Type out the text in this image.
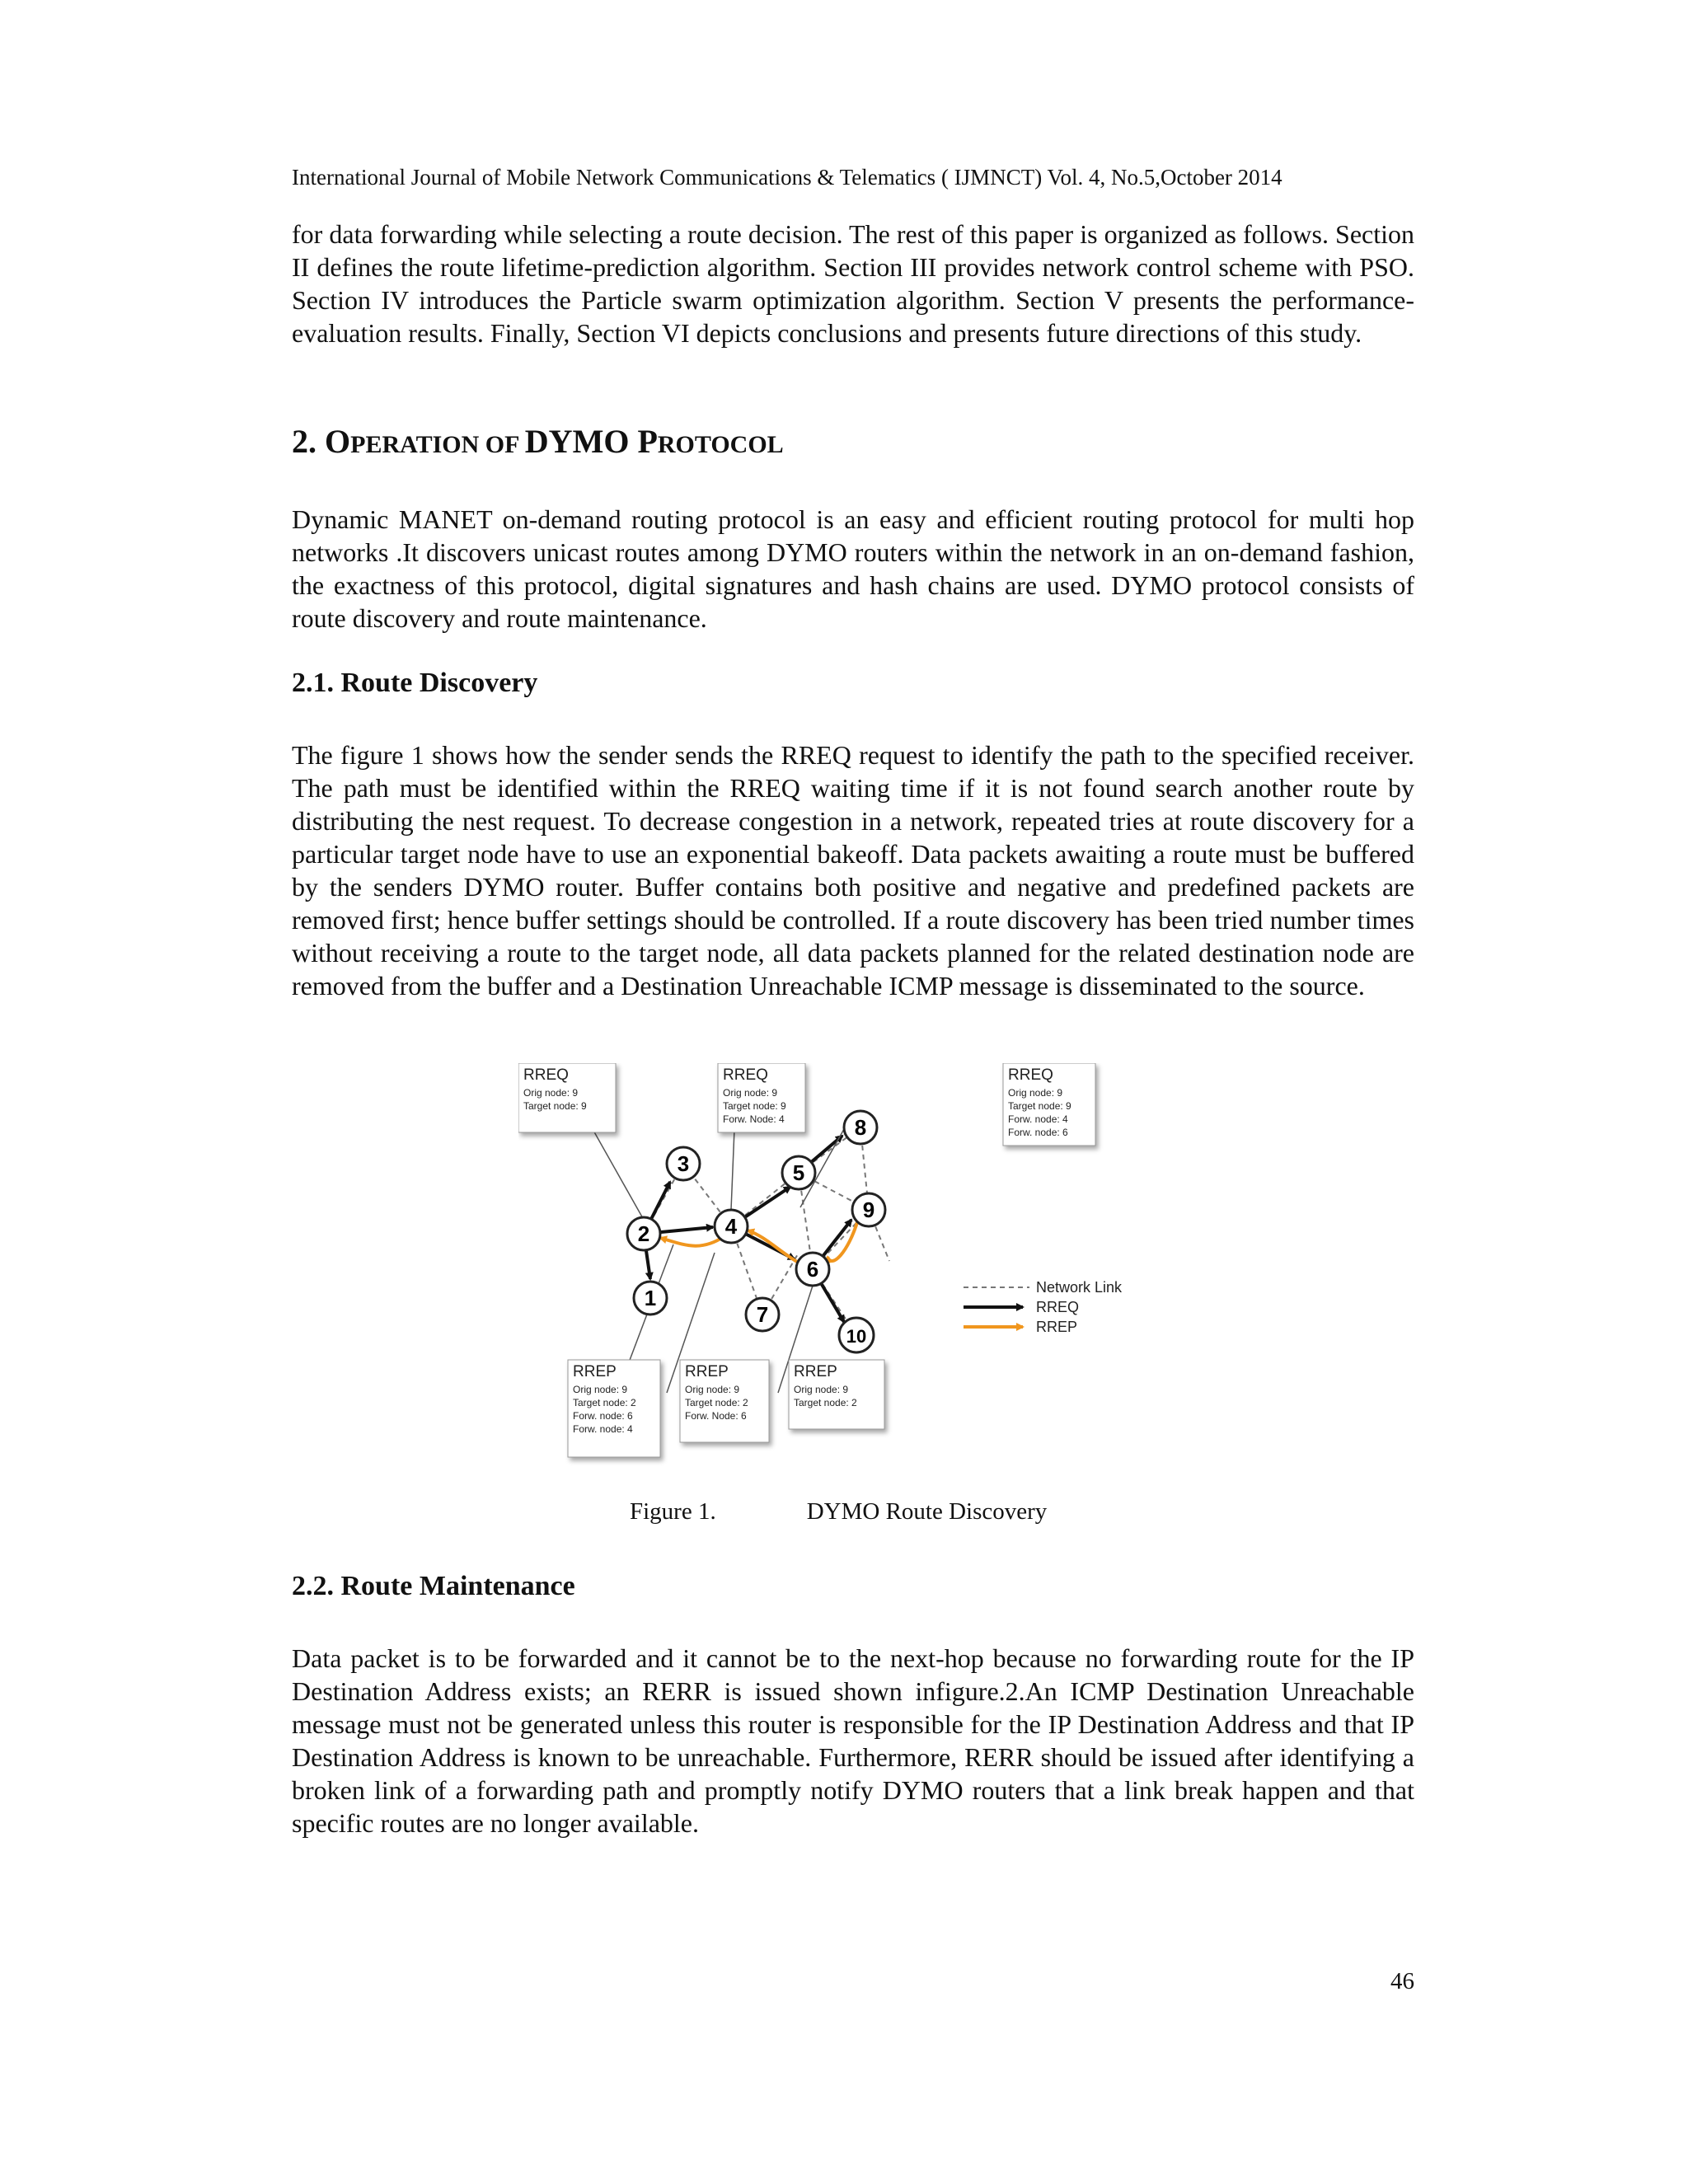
International Journal of Mobile Network Communications & Telematics ( IJMNCT) Vol. 4, No.5,October 2014

for data forwarding while selecting a route decision. The rest of this paper is organized as follows. Section II defines the route lifetime-prediction algorithm. Section III provides network control scheme with PSO. Section IV introduces the Particle swarm optimization algorithm. Section V presents the performance-evaluation results. Finally, Section VI depicts conclusions and presents future directions of this study.

2. OPERATION OF DYMO PROTOCOL

Dynamic MANET on-demand routing protocol is an easy and efficient routing protocol for multi hop networks .It discovers unicast routes among DYMO routers within the network in an on-demand fashion, the exactness of this protocol, digital signatures and hash chains are used. DYMO protocol consists of route discovery and route maintenance.

2.1. Route Discovery

The figure 1 shows how the sender sends the RREQ request to identify the path to the specified receiver. The path must be identified within the RREQ waiting time if it is not found search another route by distributing the nest request. To decrease congestion in a network, repeated tries at route discovery for a particular target node have to use an exponential bakeoff. Data packets awaiting a route must be buffered by the senders DYMO router. Buffer contains both positive and negative and predefined packets are removed first; hence buffer settings should be controlled. If a route discovery has been tried number times without receiving a route to the target node, all data packets planned for the related destination node are removed from the buffer and a Destination Unreachable ICMP message is disseminated to the source.

1
2
3
4
5
6
7
8
9
10
RREQ
Orig node: 9
Target node: 9
RREQ
Orig node: 9
Target node: 9
Forw. Node: 4
RREQ
Orig node: 9
Target node: 9
Forw. node: 4
Forw. node: 6
RREP
Orig node: 9
Target node: 2
Forw. node: 6
Forw. node: 4
RREP
Orig node: 9
Target node: 2
Forw. Node: 6
RREP
Orig node: 9
Target node: 2
Network Link
RREQ
RREP
Figure 1.	DYMO Route Discovery
2.2. Route Maintenance

Data packet is to be forwarded and it cannot be to the next-hop because no forwarding route for the IP Destination Address exists; an RERR is issued shown infigure.2.An ICMP Destination Unreachable message must not be generated unless this router is responsible for the IP Destination Address and that IP Destination Address is known to be unreachable. Furthermore, RERR should be issued after identifying a broken link of a forwarding path and promptly notify DYMO routers that a link break happen and that specific routes are no longer available.

46
